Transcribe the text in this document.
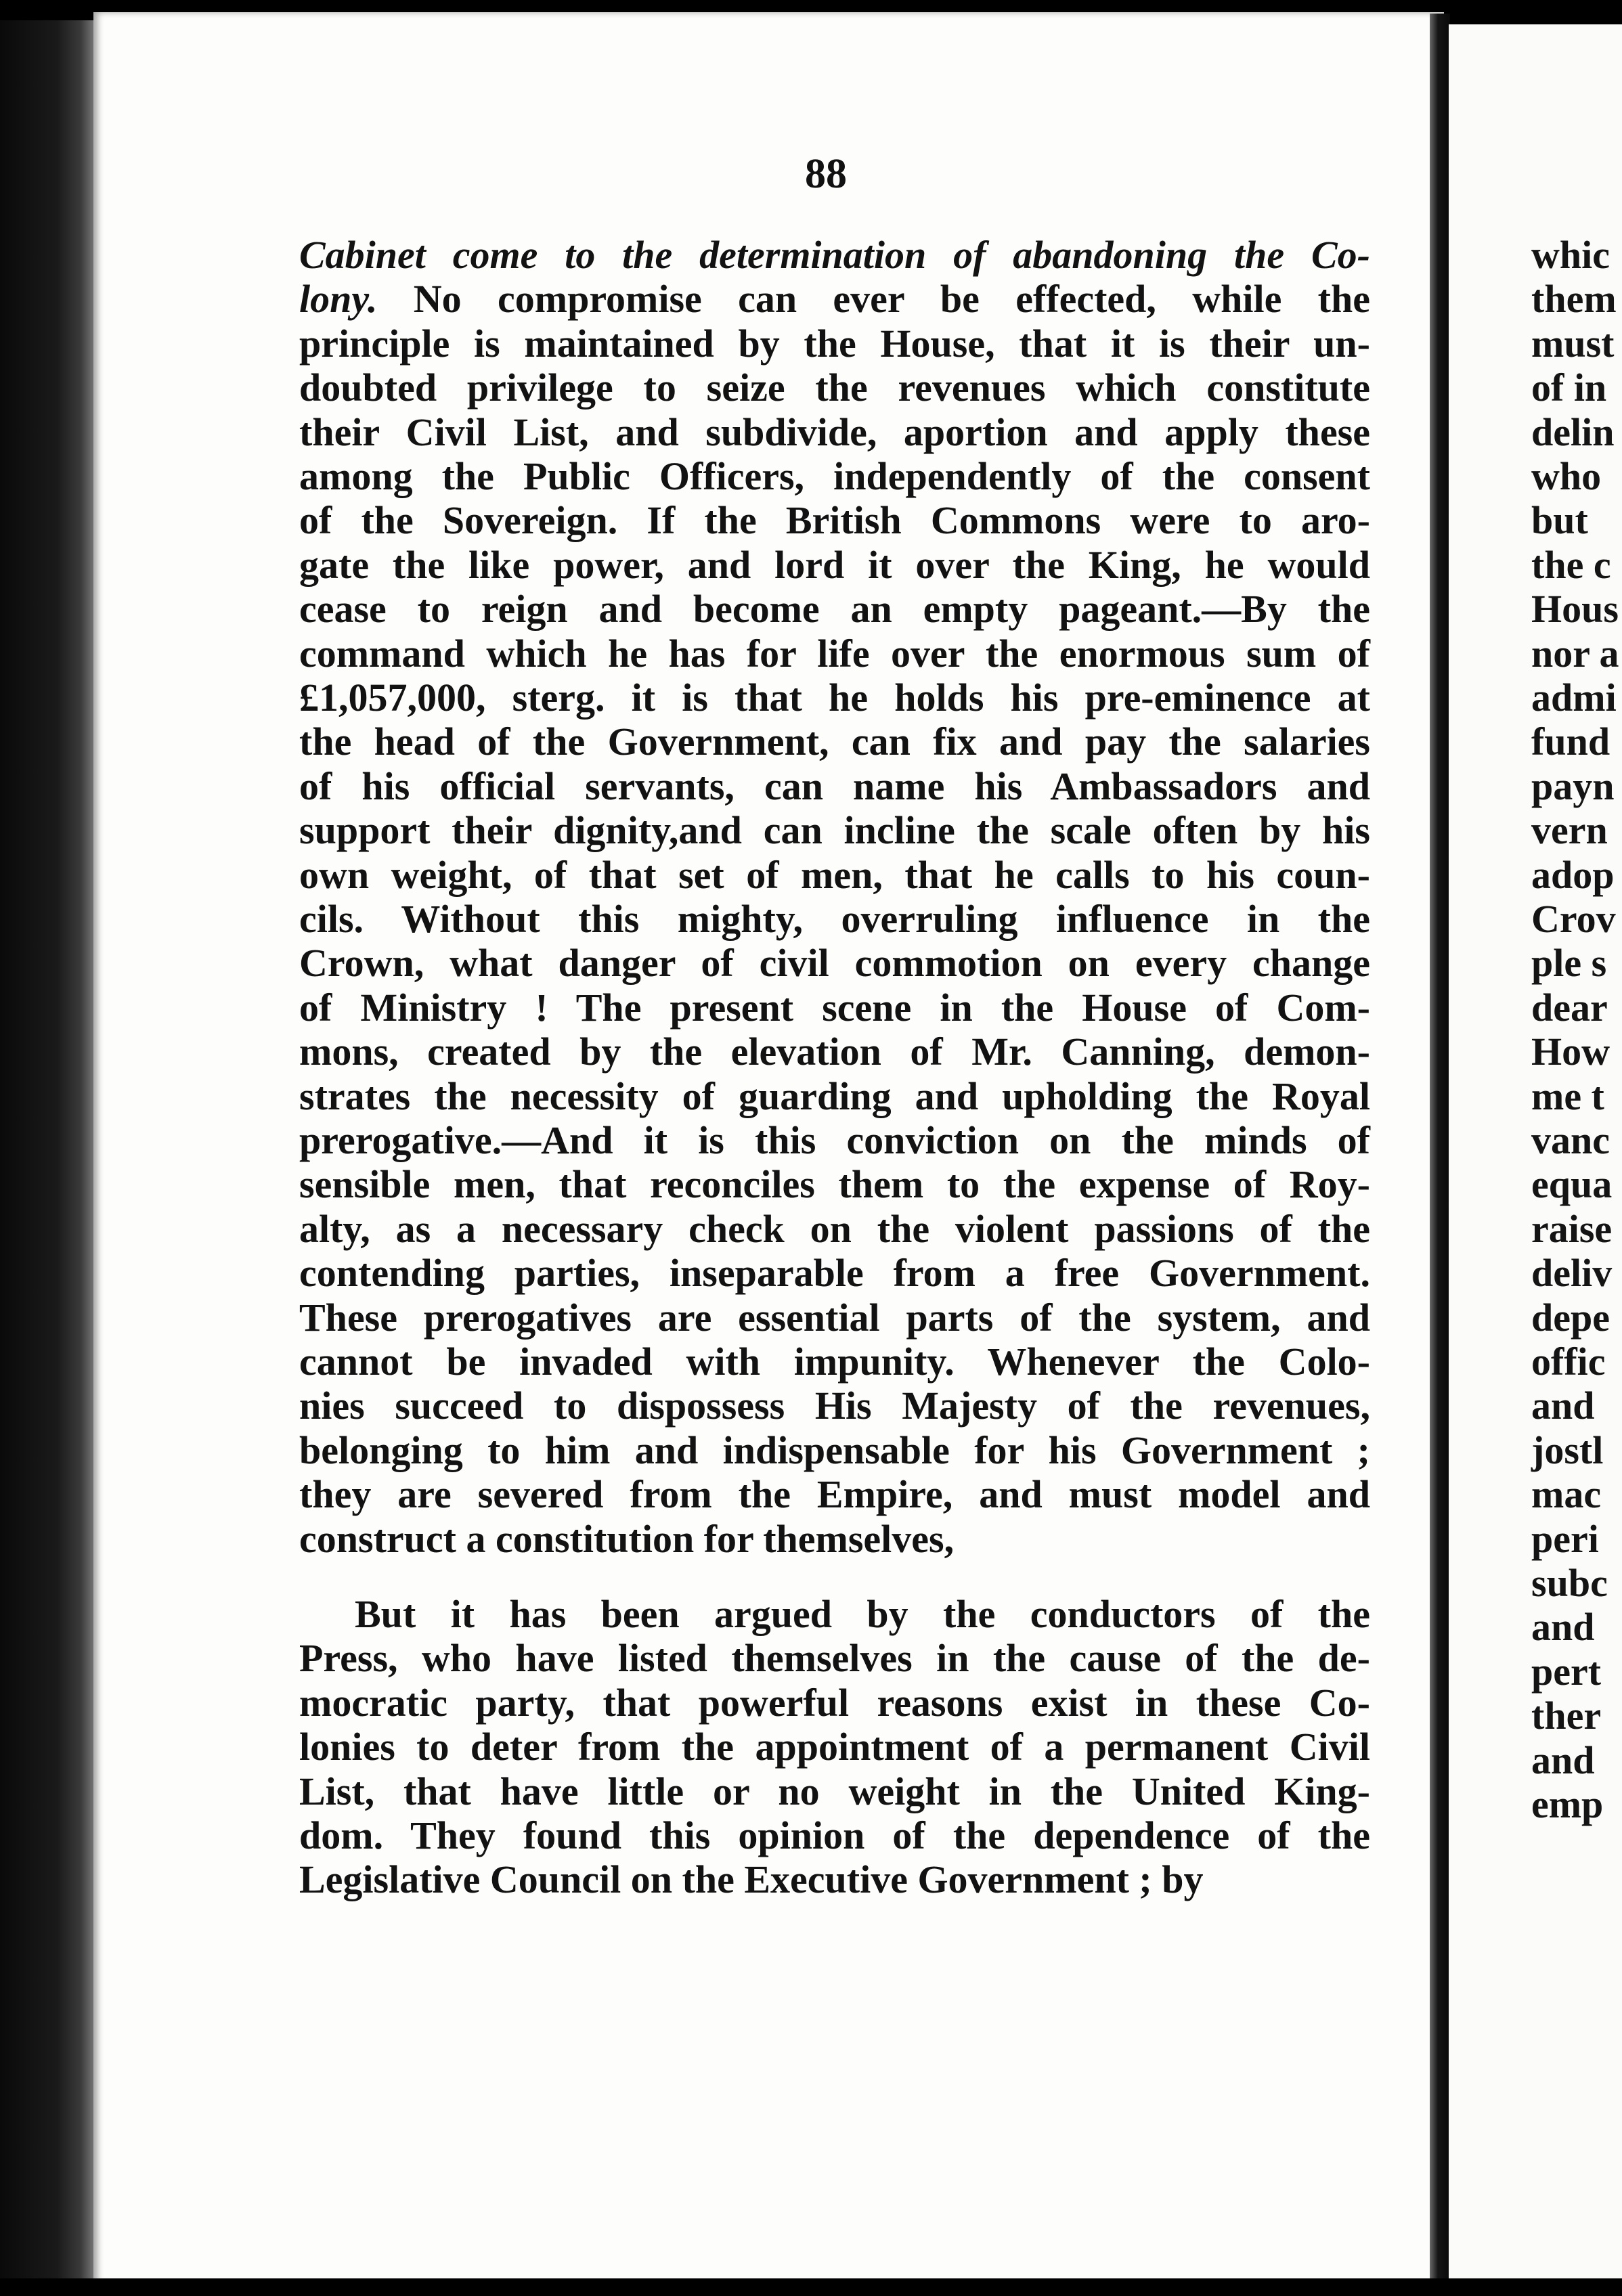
88
Cabinet come to the determination of abandoning the Co-
lony. No compromise can ever be effected, while the
principle is maintained by the House, that it is their un-
doubted privilege to seize the revenues which constitute
their Civil List, and subdivide, aportion and apply these
among the Public Officers, independently of the consent
of the Sovereign. If the British Commons were to aro-
gate the like power, and lord it over the King, he would
cease to reign and become an empty pageant.—By the
command which he has for life over the enormous sum of
£1,057,000, sterg. it is that he holds his pre-eminence at
the head of the Government, can fix and pay the salaries
of his official servants, can name his Ambassadors and
support their dignity,and can incline the scale often by his
own weight, of that set of men, that he calls to his coun-
cils. Without this mighty, overruling influence in the
Crown, what danger of civil commotion on every change
of Ministry ! The present scene in the House of Com-
mons, created by the elevation of Mr. Canning, demon-
strates the necessity of guarding and upholding the Royal
prerogative.—And it is this conviction on the minds of
sensible men, that reconciles them to the expense of Roy-
alty, as a necessary check on the violent passions of the
contending parties, inseparable from a free Government.
These prerogatives are essential parts of the system, and
cannot be invaded with impunity. Whenever the Colo-
nies succeed to dispossess His Majesty of the revenues,
belonging to him and indispensable for his Government ;
they are severed from the Empire, and must model and
construct a constitution for themselves,
But it has been argued by the conductors of the
Press, who have listed themselves in the cause of the de-
mocratic party, that powerful reasons exist in these Co-
lonies to deter from the appointment of a permanent Civil
List, that have little or no weight in the United King-
dom. They found this opinion of the dependence of the
Legislative Council on the Executive Government ; by
whic
them
must
of in
delin
who
but
the c
Hous
nor a
admi
fund
payn
vern
adop
Crov
ple s
dear
How
me t
vanc
equa
raise
deliv
depe
offic
and
jostl
mac
peri
subc
and
pert
ther
and
emp
